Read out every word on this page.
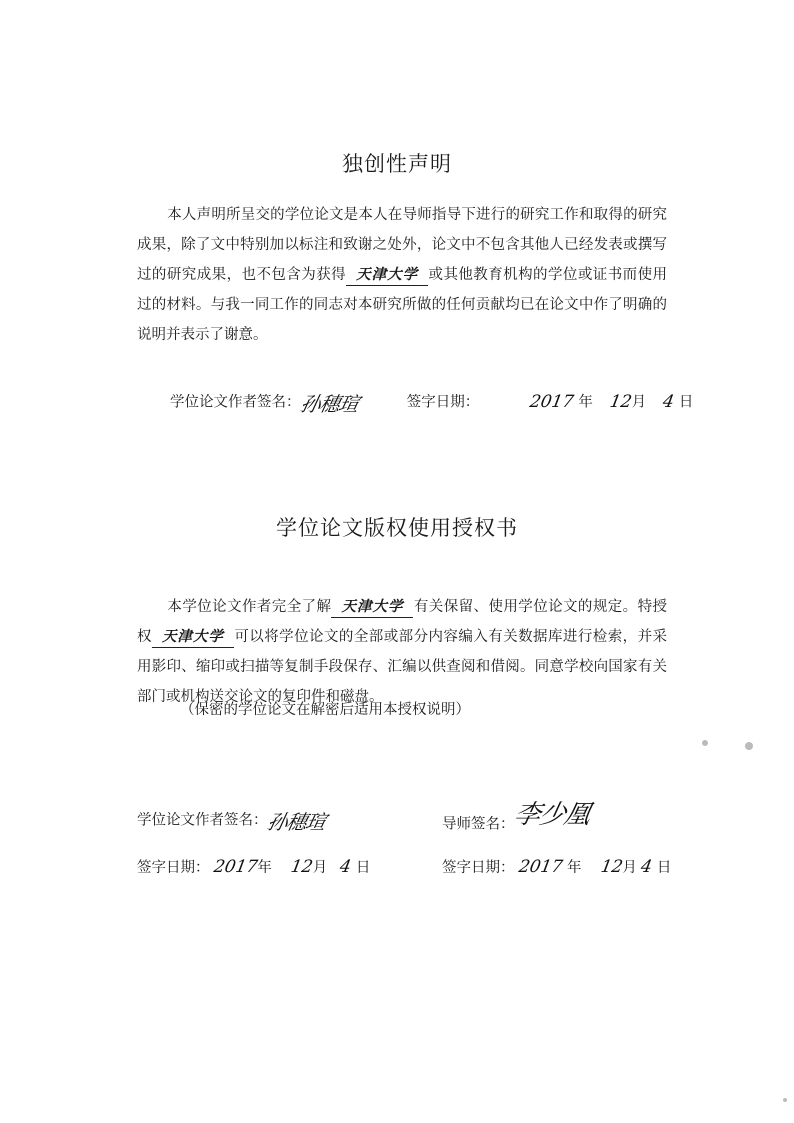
独创性声明
本人声明所呈交的学位论文是本人在导师指导下进行的研究工作和取得的研究成果，除了文中特别加以标注和致谢之处外，论文中不包含其他人已经发表或撰写过的研究成果，也不包含为获得 天津大学 或其他教育机构的学位或证书而使用过的材料。与我一同工作的同志对本研究所做的任何贡献均已在论文中作了明确的说明并表示了谢意。
学位论文作者签名：孙穗瑄	签字日期：	2017 年 12月 4 日
学位论文版权使用授权书
本学位论文作者完全了解 天津大学 有关保留、使用学位论文的规定。特授权 天津大学 可以将学位论文的全部或部分内容编入有关数据库进行检索，并采用影印、缩印或扫描等复制手段保存、汇编以供查阅和借阅。同意学校向国家有关部门或机构送交论文的复印件和磁盘。
（保密的学位论文在解密后适用本授权说明）
学位论文作者签名：孙穗瑄	导师签名：李少凰
签字日期： 2017年 12月 4 日	签字日期： 2017 年 12月 4 日
